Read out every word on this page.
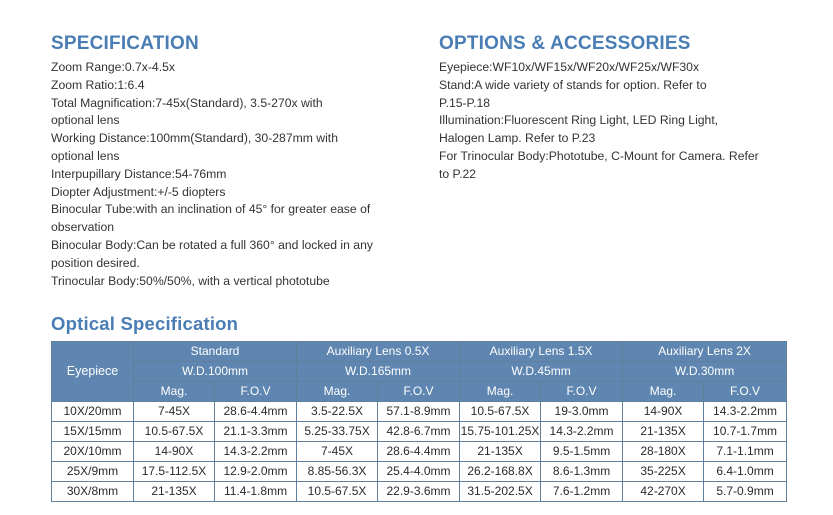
SPECIFICATION
Zoom Range:0.7x-4.5x
Zoom Ratio:1:6.4
Total Magnification:7-45x(Standard), 3.5-270x with
optional lens
Working Distance:100mm(Standard), 30-287mm with
optional lens
Interpupillary Distance:54-76mm
Diopter Adjustment:+/-5 diopters
Binocular Tube:with an inclination of 45° for greater ease of
observation
Binocular Body:Can be rotated a full 360° and locked in any
position desired.
Trinocular Body:50%/50%, with a vertical phototube
OPTIONS & ACCESSORIES
Eyepiece:WF10x/WF15x/WF20x/WF25x/WF30x
Stand:A wide variety of stands for option. Refer to
P.15-P.18
Illumination:Fluorescent Ring Light, LED Ring Light,
Halogen Lamp. Refer to P.23
For Trinocular Body:Phototube, C-Mount for Camera. Refer
to P.22
Optical Specification
Eyepiece	Standard		Auxiliary Lens 0.5X		Auxiliary Lens 1.5X		Auxiliary Lens 2X	
	W.D.100mm		W.D.165mm		W.D.45mm		W.D.30mm	
	Mag.	F.O.V	Mag.	F.O.V	Mag.	F.O.V	Mag.	F.O.V
10X/20mm	7-45X	28.6-4.4mm	3.5-22.5X	57.1-8.9mm	10.5-67.5X	19-3.0mm	14-90X	14.3-2.2mm
15X/15mm	10.5-67.5X	21.1-3.3mm	5.25-33.75X	42.8-6.7mm	15.75-101.25X	14.3-2.2mm	21-135X	10.7-1.7mm
20X/10mm	14-90X	14.3-2.2mm	7-45X	28.6-4.4mm	21-135X	9.5-1.5mm	28-180X	7.1-1.1mm
25X/9mm	17.5-112.5X	12.9-2.0mm	8.85-56.3X	25.4-4.0mm	26.2-168.8X	8.6-1.3mm	35-225X	6.4-1.0mm
30X/8mm	21-135X	11.4-1.8mm	10.5-67.5X	22.9-3.6mm	31.5-202.5X	7.6-1.2mm	42-270X	5.7-0.9mm
